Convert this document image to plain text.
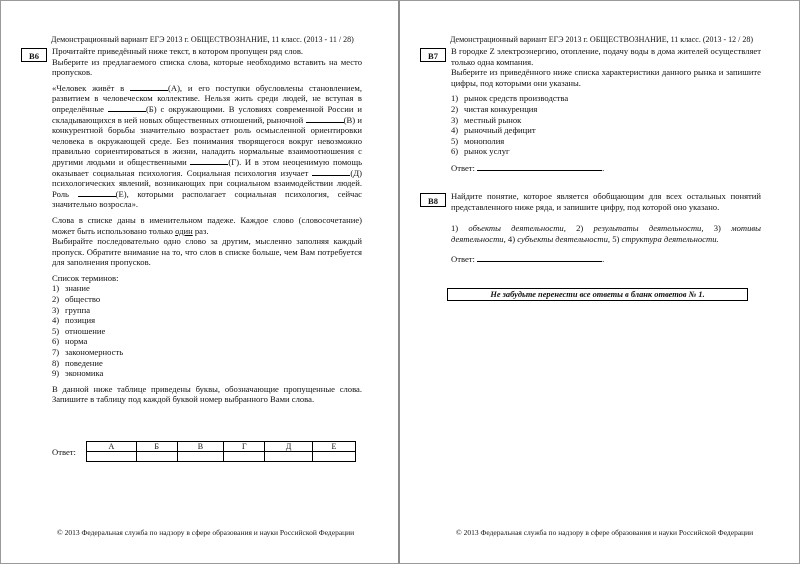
Демонстрационный вариант ЕГЭ 2013 г. ОБЩЕСТВОЗНАНИЕ, 11 класс. (2013 - 11 / 28)
B6	Прочитайте приведённый ниже текст, в котором пропущен ряд слов.

Выберите из предлагаемого списка слова, которые необходимо вставить на место пропусков.

«Человек живёт в	(А), и его поступки обусловлены становлением, развитием в человеческом коллективе. Нельзя жить среди людей, не вступая в определённые	(Б) с окружающими. В условиях современной России и складывающихся в ней новых общественных отношений, рыночной	(В) и конкурентной борьбы значительно возрастает роль осмысленной ориентировки человека в окружающей среде. Без понимания творящегося вокруг невозможно правильно сориентироваться в жизни, наладить нормальные взаимоотношения с другими людьми и общественными	(Г). И в этом неоценимую помощь оказывает социальная психология. Социальная психология изучает	(Д) психологических явлений, возникающих при социальном взаимодействии людей. Роль	(Е), которыми располагает социальная психология, сейчас значительно возросла».

Слова в списке даны в именительном падеже. Каждое слово (словосочетание) может быть использовано только один раз.

Выбирайте последовательно одно слово за другим, мысленно заполняя каждый пропуск. Обратите внимание на то, что слов в списке больше, чем Вам потребуется для заполнения пропусков.

Список терминов:

1) знание
2) общество
3) группа
4) позиция
5) отношение
6) норма
7) закономерность
8) поведение
9) экономика

В данной ниже таблице приведены буквы, обозначающие пропущенные слова. Запишите в таблицу под каждой буквой номер выбранного Вами слова.

Ответ:
А	Б	В	Г	Д	Е

© 2013 Федеральная служба по надзору в сфере образования и науки Российской Федерации
Демонстрационный вариант ЕГЭ 2013 г. ОБЩЕСТВОЗНАНИЕ, 11 класс. (2013 - 12 / 28)
B7	В городке Z электроэнергию, отопление, подачу воды в дома жителей осуществляет только одна компания.

Выберите из приведённого ниже списка характеристики данного рынка и запишите цифры, под которыми они указаны.

1) рынок средств производства
2) чистая конкуренция
3) местный рынок
4) рыночный дефицит
5) монополия
6) рынок услуг

Ответ:	.

B8	Найдите понятие, которое является обобщающим для всех остальных понятий представленного ниже ряда, и запишите цифру, под которой оно указано.

1) объекты деятельности, 2) результаты деятельности, 3) мотивы деятельности, 4) субъекты деятельности, 5) структура деятельности.

Ответ:	.

Не забудьте перенести все ответы в бланк ответов № 1.
© 2013 Федеральная служба по надзору в сфере образования и науки Российской Федерации
